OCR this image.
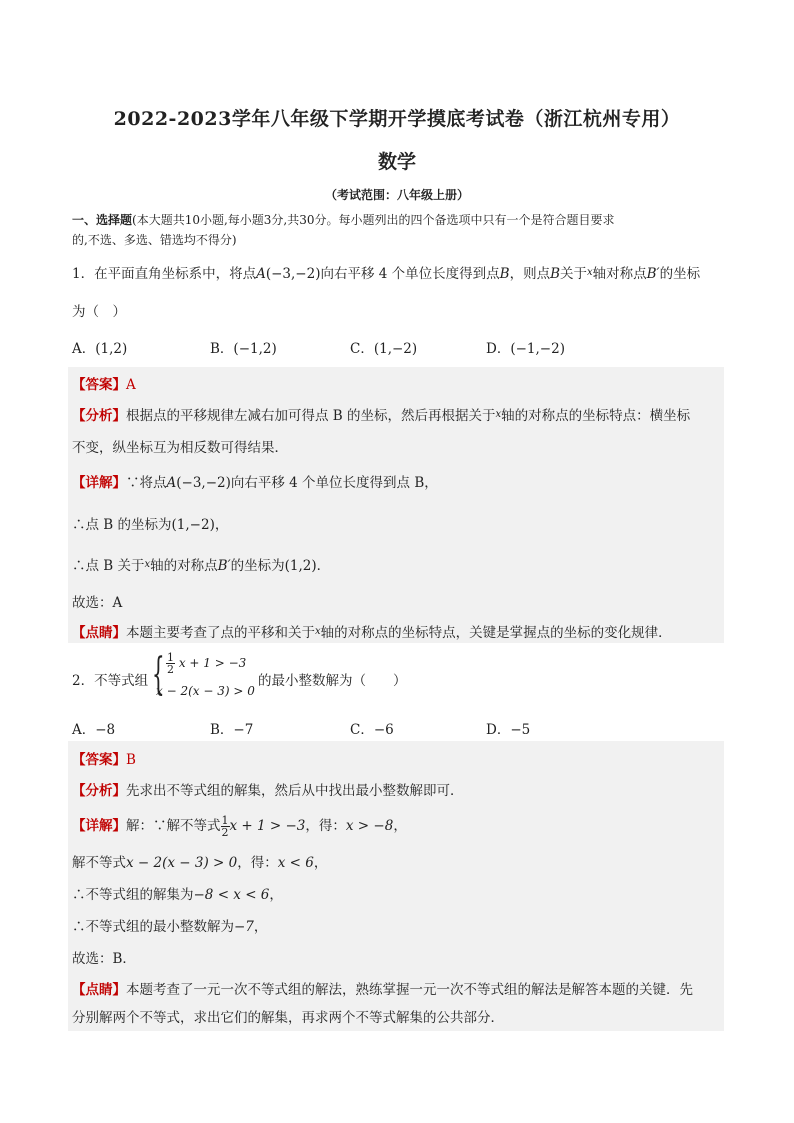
2022-2023学年八年级下学期开学摸底考试卷（浙江杭州专用）
数学
（考试范围：八年级上册）
一、选择题(本大题共10小题,每小题3分,共30分。每小题列出的四个备选项中只有一个是符合题目要求
的,不选、多选、错选均不得分)
1．在平面直角坐标系中，将点A(−3,−2)向右平移 4 个单位长度得到点B，则点B关于$^x$轴对称点B′的坐标
为（　）
A．(1,2)	B．(−1,2)	C．(1,−2)	D．(−1,−2)
【答案】A
【分析】根据点的平移规律左减右加可得点 B 的坐标，然后再根据关于$^x$轴的对称点的坐标特点：横坐标
不变，纵坐标互为相反数可得结果．
【详解】∵将点A(−3,−2)向右平移 4 个单位长度得到点 B，
∴点 B 的坐标为(1,−2)，
∴点 B 关于$^x$轴的对称点B′的坐标为(1,2)．
故选：A
【点睛】本题主要考查了点的平移和关于$^x$轴的对称点的坐标特点，关键是掌握点的坐标的变化规律．
2．不等式组 { $\frac{1}{2}$ x + 1 > −3
x − 2(x − 3) > 0
的最小整数解为（　　）
A．−8	B．−7	C．−6	D．−5
【答案】B
【分析】先求出不等式组的解集，然后从中找出最小整数解即可．
【详解】解：∵解不等式 $\frac{1}{2}$ x + 1 > −3，得：x > −8，
解不等式x − 2(x − 3) > 0，得：x < 6，
∴不等式组的解集为−8 < x < 6，
∴不等式组的最小整数解为−7，
故选：B．
【点睛】本题考查了一元一次不等式组的解法，熟练掌握一元一次不等式组的解法是解答本题的关键．先
分别解两个不等式，求出它们的解集，再求两个不等式解集的公共部分．
